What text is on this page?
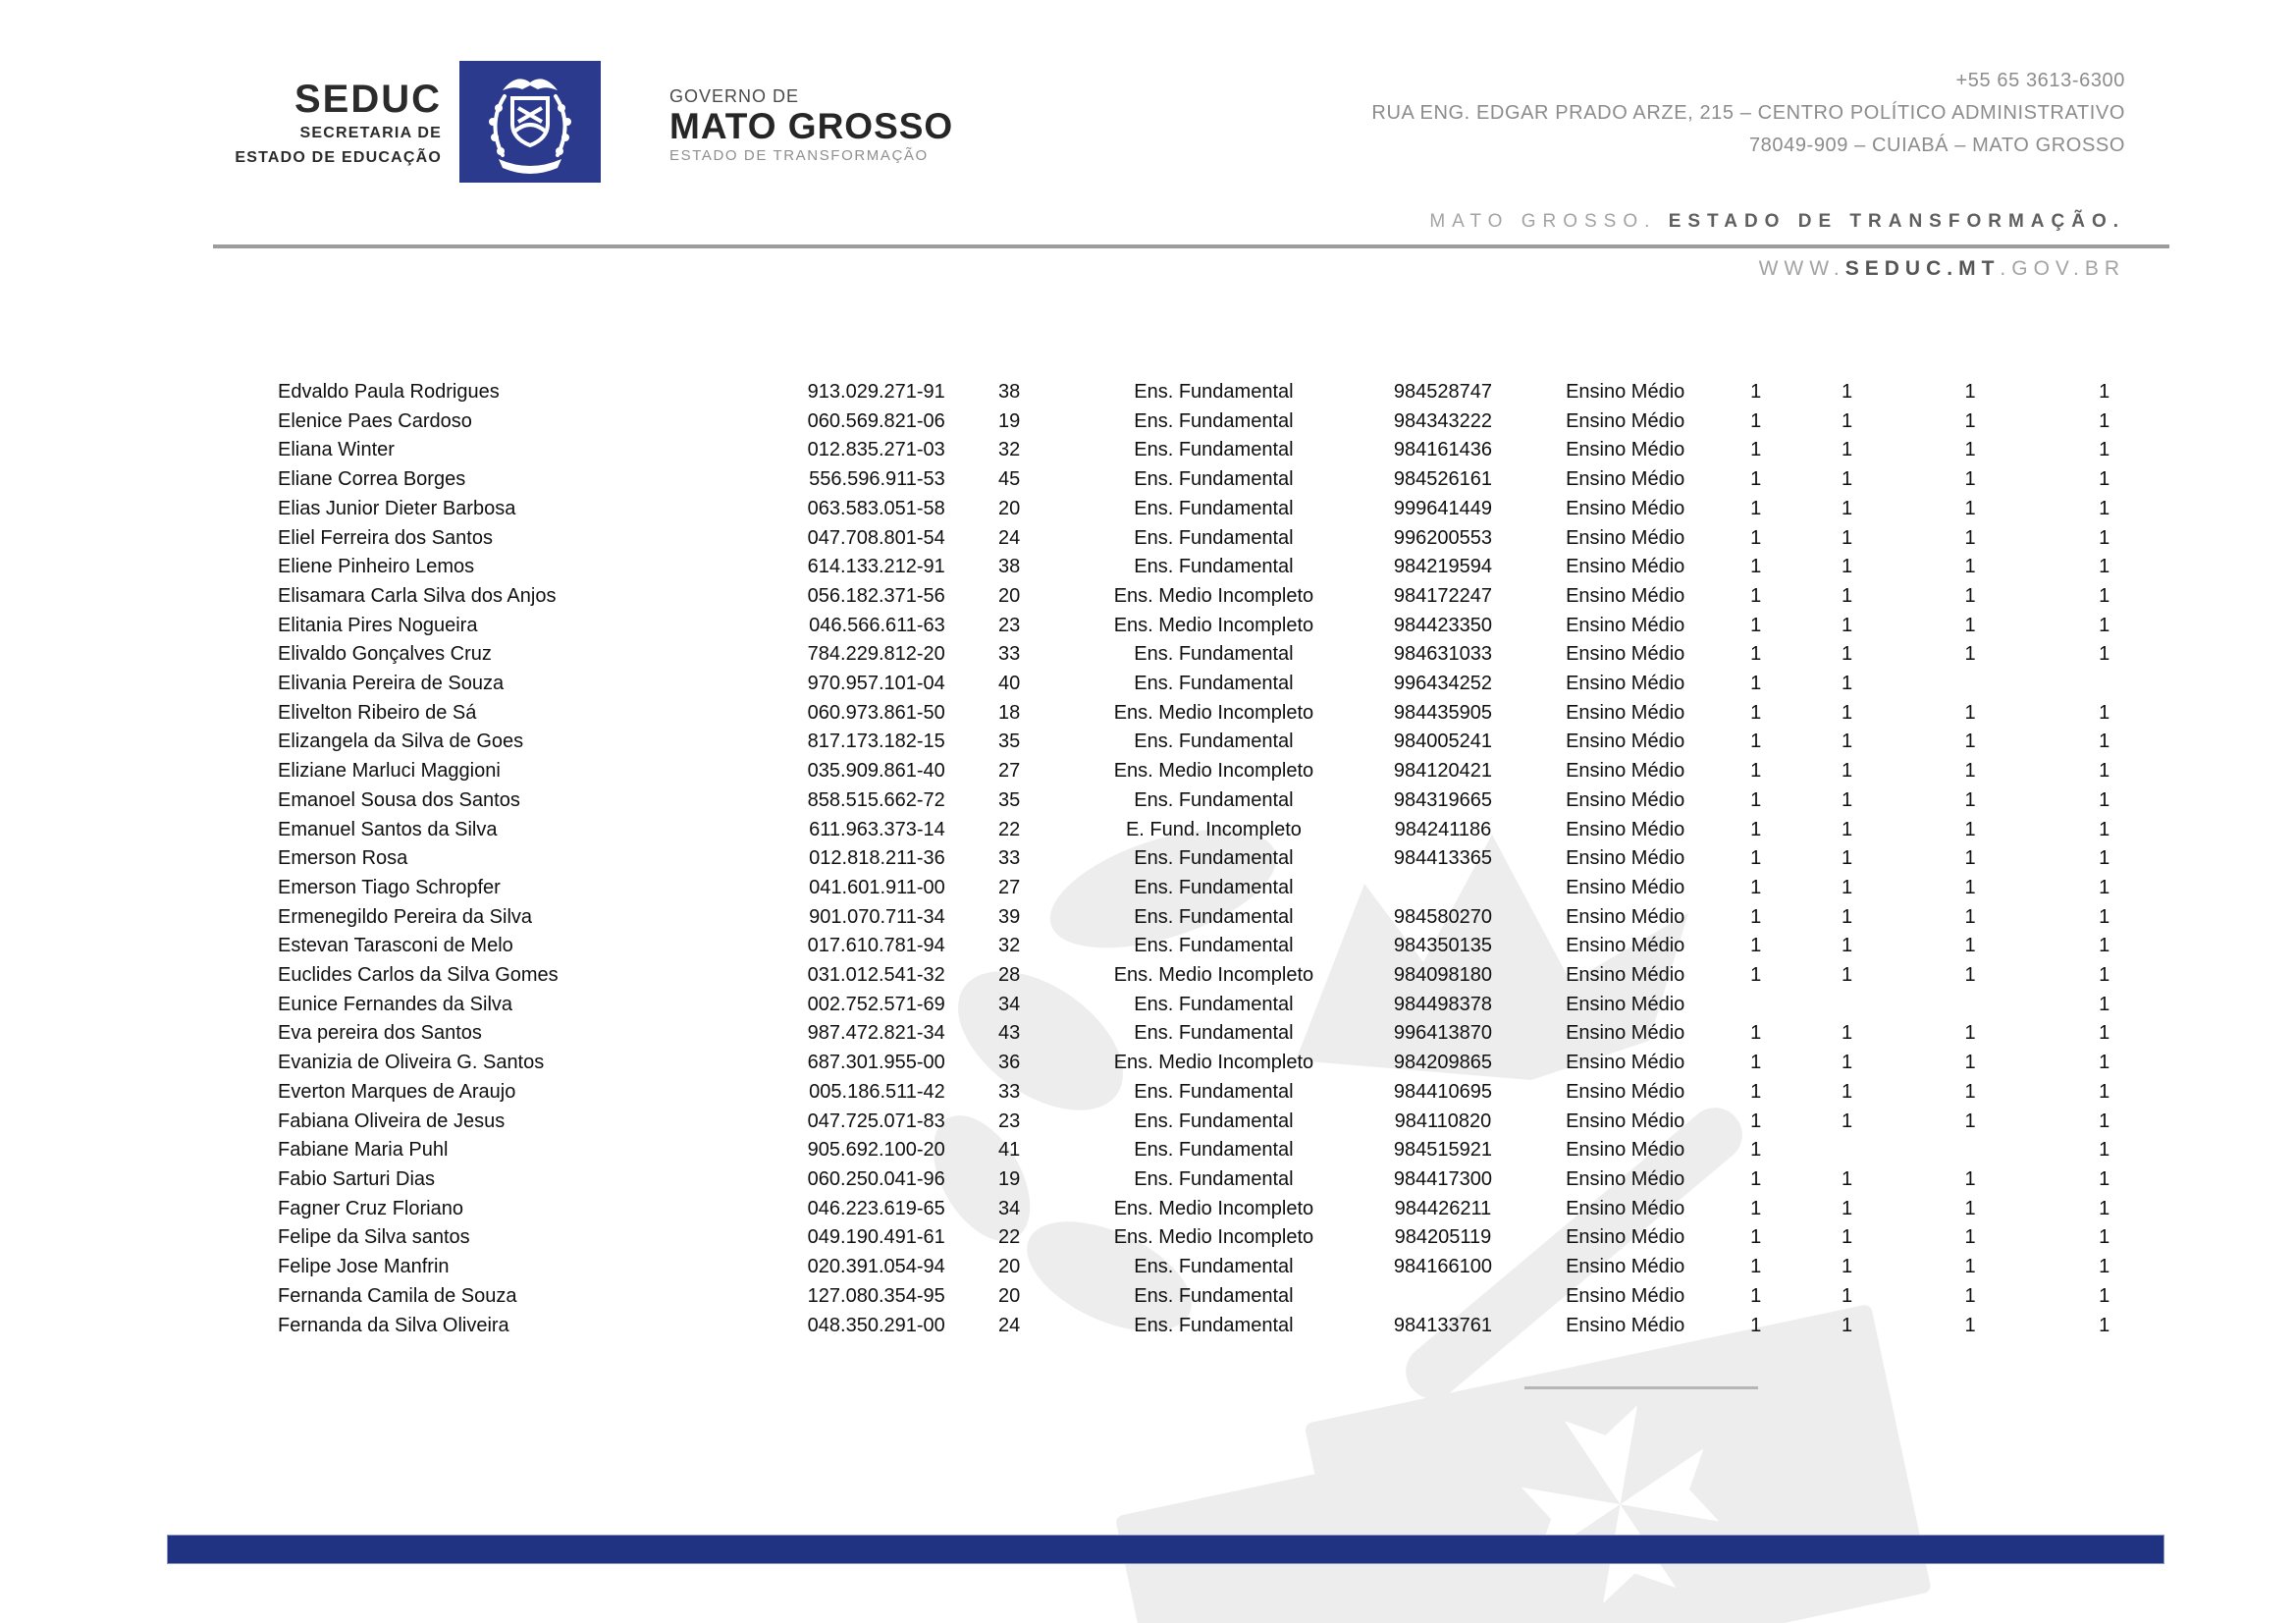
SEDUC
SECRETARIA DE
ESTADO DE EDUCAÇÃO
GOVERNO DE
MATO GROSSO
ESTADO DE TRANSFORMAÇÃO
+55 65 3613-6300
RUA ENG. EDGAR PRADO ARZE, 215 – CENTRO POLÍTICO ADMINISTRATIVO
78049-909 – CUIABÁ – MATO GROSSO
MATO GROSSO. ESTADO DE TRANSFORMAÇÃO.
WWW.SEDUC.MT.GOV.BR
Edvaldo Paula Rodrigues	913.029.271-91	38	Ens. Fundamental	984528747	Ensino Médio	1	1	1	1
Elenice Paes Cardoso	060.569.821-06	19	Ens. Fundamental	984343222	Ensino Médio	1	1	1	1
Eliana Winter	012.835.271-03	32	Ens. Fundamental	984161436	Ensino Médio	1	1	1	1
Eliane Correa Borges	556.596.911-53	45	Ens. Fundamental	984526161	Ensino Médio	1	1	1	1
Elias Junior Dieter Barbosa	063.583.051-58	20	Ens. Fundamental	999641449	Ensino Médio	1	1	1	1
Eliel Ferreira dos Santos	047.708.801-54	24	Ens. Fundamental	996200553	Ensino Médio	1	1	1	1
Eliene Pinheiro Lemos	614.133.212-91	38	Ens. Fundamental	984219594	Ensino Médio	1	1	1	1
Elisamara Carla Silva dos Anjos	056.182.371-56	20	Ens. Medio Incompleto	984172247	Ensino Médio	1	1	1	1
Elitania Pires Nogueira	046.566.611-63	23	Ens. Medio Incompleto	984423350	Ensino Médio	1	1	1	1
Elivaldo Gonçalves Cruz	784.229.812-20	33	Ens. Fundamental	984631033	Ensino Médio	1	1	1	1
Elivania Pereira de Souza	970.957.101-04	40	Ens. Fundamental	996434252	Ensino Médio	1	1		
Elivelton Ribeiro de Sá	060.973.861-50	18	Ens. Medio Incompleto	984435905	Ensino Médio	1	1	1	1
Elizangela da Silva de Goes	817.173.182-15	35	Ens. Fundamental	984005241	Ensino Médio	1	1	1	1
Eliziane Marluci Maggioni	035.909.861-40	27	Ens. Medio Incompleto	984120421	Ensino Médio	1	1	1	1
Emanoel Sousa dos Santos	858.515.662-72	35	Ens. Fundamental	984319665	Ensino Médio	1	1	1	1
Emanuel Santos da Silva	611.963.373-14	22	E. Fund. Incompleto	984241186	Ensino Médio	1	1	1	1
Emerson Rosa	012.818.211-36	33	Ens. Fundamental	984413365	Ensino Médio	1	1	1	1
Emerson Tiago Schropfer	041.601.911-00	27	Ens. Fundamental		Ensino Médio	1	1	1	1
Ermenegildo Pereira da Silva	901.070.711-34	39	Ens. Fundamental	984580270	Ensino Médio	1	1	1	1
Estevan Tarasconi de Melo	017.610.781-94	32	Ens. Fundamental	984350135	Ensino Médio	1	1	1	1
Euclides Carlos da Silva Gomes	031.012.541-32	28	Ens. Medio Incompleto	984098180	Ensino Médio	1	1	1	1
Eunice Fernandes da Silva	002.752.571-69	34	Ens. Fundamental	984498378	Ensino Médio				1
Eva pereira dos Santos	987.472.821-34	43	Ens. Fundamental	996413870	Ensino Médio	1	1	1	1
Evanizia de Oliveira G. Santos	687.301.955-00	36	Ens. Medio Incompleto	984209865	Ensino Médio	1	1	1	1
Everton Marques de Araujo	005.186.511-42	33	Ens. Fundamental	984410695	Ensino Médio	1	1	1	1
Fabiana Oliveira de Jesus	047.725.071-83	23	Ens. Fundamental	984110820	Ensino Médio	1	1	1	1
Fabiane Maria Puhl	905.692.100-20	41	Ens. Fundamental	984515921	Ensino Médio	1			1
Fabio Sarturi Dias	060.250.041-96	19	Ens. Fundamental	984417300	Ensino Médio	1	1	1	1
Fagner Cruz Floriano	046.223.619-65	34	Ens. Medio Incompleto	984426211	Ensino Médio	1	1	1	1
Felipe da Silva santos	049.190.491-61	22	Ens. Medio Incompleto	984205119	Ensino Médio	1	1	1	1
Felipe Jose Manfrin	020.391.054-94	20	Ens. Fundamental	984166100	Ensino Médio	1	1	1	1
Fernanda Camila de Souza	127.080.354-95	20	Ens. Fundamental		Ensino Médio	1	1	1	1
Fernanda da Silva Oliveira	048.350.291-00	24	Ens. Fundamental	984133761	Ensino Médio	1	1	1	1
